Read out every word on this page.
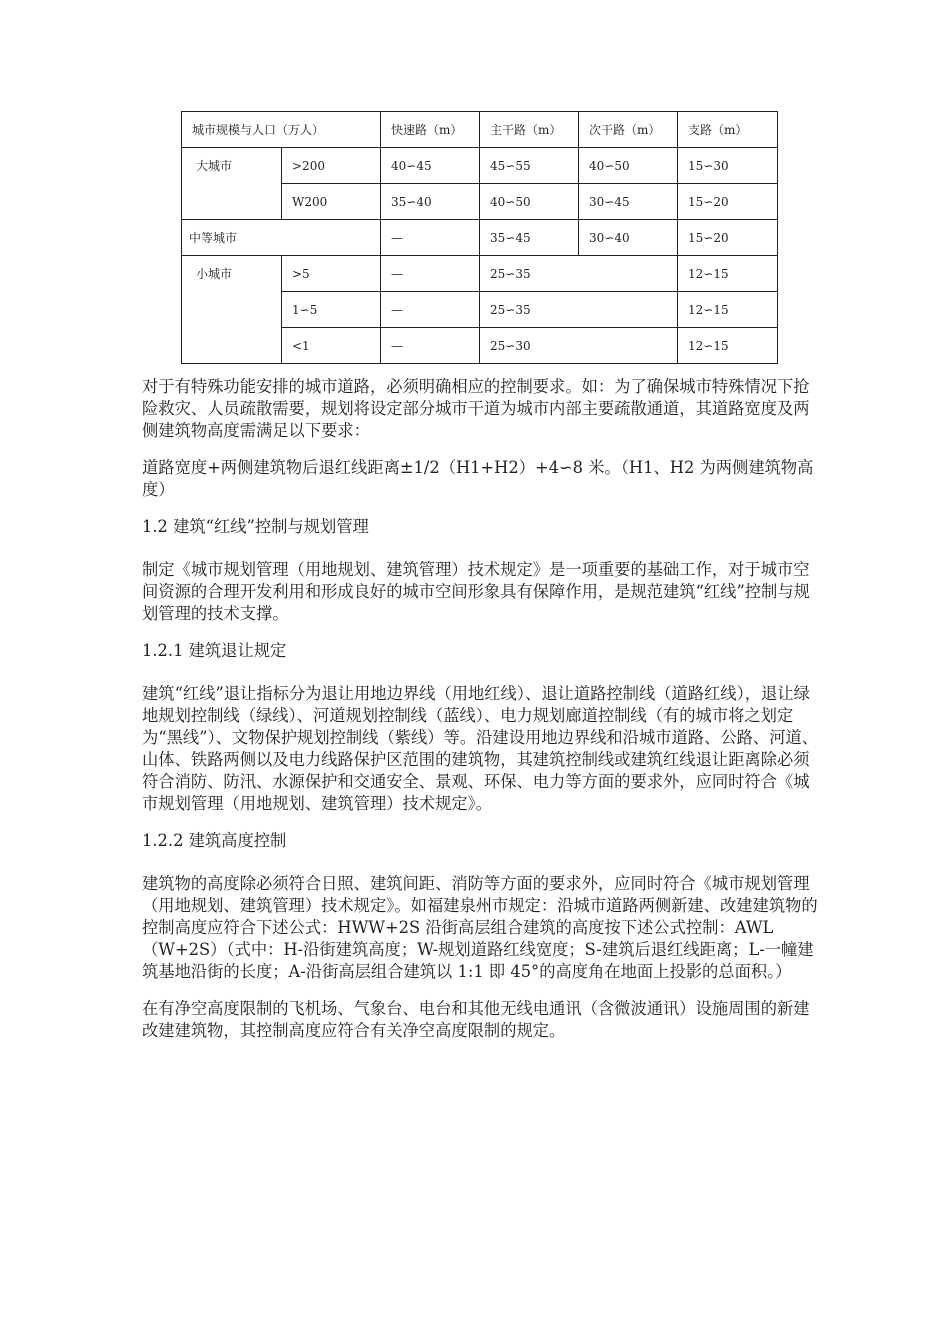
城市规模与人口（万人）		快速路（m）	主干路（m）	次干路（m）	支路（m）
大城市	>200	40∽45	45∽55	40∽50	15∽30
	W200	35∽40	40∽50	30∽45	15∽20
中等城市		—	35∽45	30∽40	15∽20
小城市	>5	—	25∽35		12∽15
	1∽5	—	25∽35		12∽15
	<1	—	25∽30		12∽15

对于有特殊功能安排的城市道路，必须明确相应的控制要求。如：为了确保城市特殊情况下抢险救灾、人员疏散需要，规划将设定部分城市干道为城市内部主要疏散通道，其道路宽度及两侧建筑物高度需满足以下要求：

道路宽度+两侧建筑物后退红线距离±1/2（H1+H2）+4∽8 米。（H1、H2 为两侧建筑物高度）

1.2 建筑“红线”控制与规划管理

制定《城市规划管理（用地规划、建筑管理）技术规定》是一项重要的基础工作，对于城市空间资源的合理开发利用和形成良好的城市空间形象具有保障作用，是规范建筑“红线”控制与规划管理的技术支撑。

1.2.1 建筑退让规定

建筑“红线”退让指标分为退让用地边界线（用地红线）、退让道路控制线（道路红线），退让绿地规划控制线（绿线）、河道规划控制线（蓝线）、电力规划廊道控制线（有的城市将之划定为“黑线”）、文物保护规划控制线（紫线）等。沿建设用地边界线和沿城市道路、公路、河道、山体、铁路两侧以及电力线路保护区范围的建筑物，其建筑控制线或建筑红线退让距离除必须符合消防、防汛、水源保护和交通安全、景观、环保、电力等方面的要求外，应同时符合《城市规划管理（用地规划、建筑管理）技术规定》。

1.2.2 建筑高度控制

建筑物的高度除必须符合日照、建筑间距、消防等方面的要求外，应同时符合《城市规划管理（用地规划、建筑管理）技术规定》。如福建泉州市规定：沿城市道路两侧新建、改建建筑物的控制高度应符合下述公式：HWW+2S 沿街高层组合建筑的高度按下述公式控制：AWL（W+2S）（式中：H-沿街建筑高度；W-规划道路红线宽度；S-建筑后退红线距离；L-一幢建筑基地沿街的长度；A-沿街高层组合建筑以 1:1 即 45°的高度角在地面上投影的总面积。）

在有净空高度限制的飞机场、气象台、电台和其他无线电通讯（含微波通讯）设施周围的新建改建建筑物，其控制高度应符合有关净空高度限制的规定。
